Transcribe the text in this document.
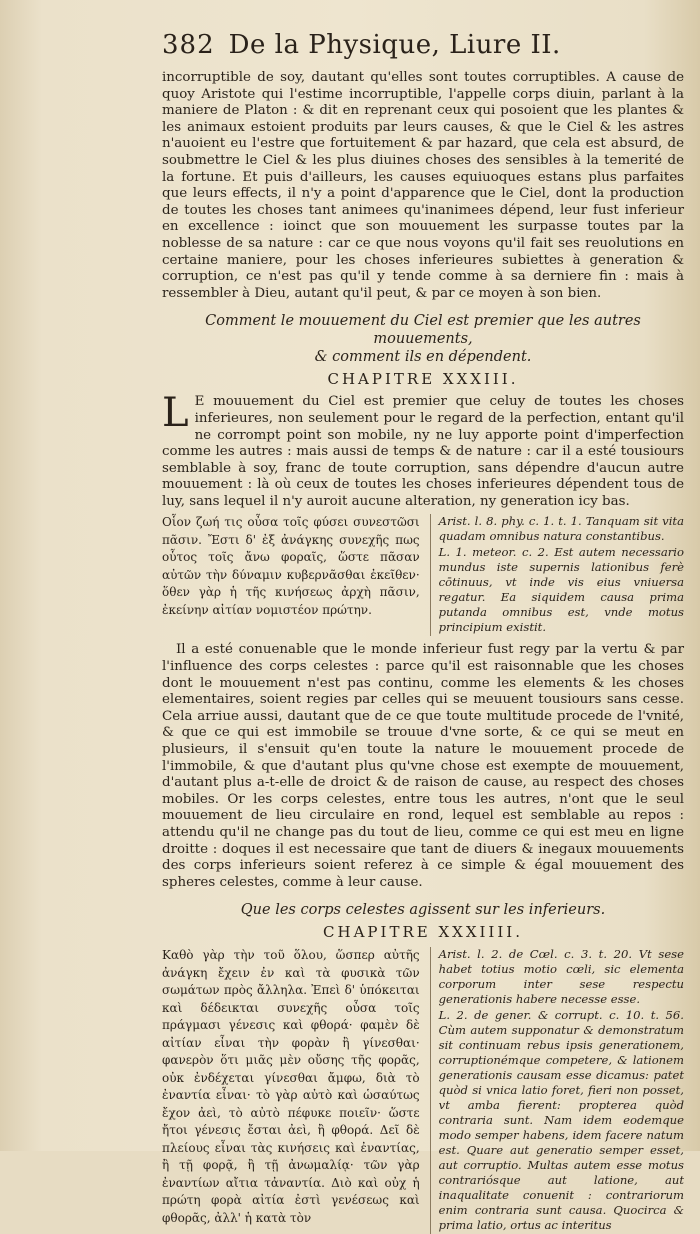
382 De la Physique, Liure II.

incorruptible de soy, dautant qu'elles sont toutes corruptibles. A cause de quoy Aristote qui l'estime incorruptible, l'appelle corps diuin, parlant à la maniere de Platon : & dit en reprenant ceux qui posoient que les plantes & les animaux estoient produits par leurs causes, & que le Ciel & les astres n'auoient eu l'estre que fortuitement & par hazard, que cela est absurd, de soubmettre le Ciel & les plus diuines choses des sensibles à la temerité de la fortune. Et puis d'ailleurs, les causes equiuoques estans plus parfaites que leurs effects, il n'y a point d'apparence que le Ciel, dont la production de toutes les choses tant animees qu'inanimees dépend, leur fust inferieur en excellence : ioinct que son mouuement les surpasse toutes par la noblesse de sa nature : car ce que nous voyons qu'il fait ses reuolutions en certaine maniere, pour les choses inferieures subiettes à generation & corruption, ce n'est pas qu'il y tende comme à sa derniere fin : mais à ressembler à Dieu, autant qu'il peut, & par ce moyen à son bien.

Comment le mouuement du Ciel est premier que les autres mouuements,
& comment ils en dépendent.
CHAPITRE XXXIII.
L E mouuement du Ciel est premier que celuy de toutes les choses inferieures, non seulement pour le regard de la perfection, entant qu'il ne corrompt point son mobile, ny ne luy apporte point d'imperfection comme les autres : mais aussi de temps & de nature : car il a esté tousiours semblable à soy, franc de toute corruption, sans dépendre d'aucun autre mouuement : là où ceux de toutes les choses inferieures dépendent tous de luy, sans lequel il n'y auroit aucune alteration, ny generation icy bas.

Οἷον ζωή τις οὖσα τοῖς φύσει συνεστῶσι πᾶσιν. Ἔστι δ' ἐξ ἀνάγκης συνεχῆς πως οὗτος τοῖς ἄνω φοραῖς, ὥστε πᾶσαν αὐτῶν τὴν δύναμιν κυβερνᾶσθαι ἐκεῖθεν· ὅθεν γὰρ ἡ τῆς κινήσεως ἀρχὴ πᾶσιν, ἐκείνην αἰτίαν νομιστέον πρώτην.

Arist. l. 8. phy. c. 1. t. 1. Tanquam sit vita quadam omnibus natura constantibus.

L. 1. meteor. c. 2. Est autem necessario mundus iste supernis lationibus ferè cōtinuus, vt inde vis eius vniuersa regatur. Ea siquidem causa prima putanda omnibus est, vnde motus principium existit.

Il a esté conuenable que le monde inferieur fust regy par la vertu & par l'influence des corps celestes : parce qu'il est raisonnable que les choses dont le mouuement n'est pas continu, comme les elements & les choses elementaires, soient regies par celles qui se meuuent tousiours sans cesse. Cela arriue aussi, dautant que de ce que toute multitude procede de l'vnité, & que ce qui est immobile se trouue d'vne sorte, & ce qui se meut en plusieurs, il s'ensuit qu'en toute la nature le mouuement procede de l'immobile, & que d'autant plus qu'vne chose est exempte de mouuement, d'autant plus a-t-elle de droict & de raison de cause, au respect des choses mobiles. Or les corps celestes, entre tous les autres, n'ont que le seul mouuement de lieu circulaire en rond, lequel est semblable au repos : attendu qu'il ne change pas du tout de lieu, comme ce qui est meu en ligne droitte : doques il est necessaire que tant de diuers & inegaux mouuements des corps inferieurs soient referez à ce simple & égal mouuement des spheres celestes, comme à leur cause.

Que les corps celestes agissent sur les inferieurs.
CHAPITRE XXXIIII.
Καθὸ γὰρ τὴν τοῦ ὅλου, ὥσπερ αὐτῆς ἀνάγκη ἔχειν ἐν καὶ τὰ φυσικὰ τῶν σωμάτων πρὸς ἄλληλα. Ἐπεὶ δ' ὑπόκειται καὶ δέδεικται συνεχῆς οὖσα τοῖς πράγμασι γένεσις καὶ φθορά· φαμὲν δὲ αἰτίαν εἶναι τὴν φορὰν ἢ γίνεσθαι· φανερὸν ὅτι μιᾶς μὲν οὔσης τῆς φορᾶς, οὐκ ἐνδέχεται γίνεσθαι ἄμφω, διὰ τὸ ἐναντία εἶναι· τὸ γὰρ αὐτὸ καὶ ὡσαύτως ἔχον ἀεὶ, τὸ αὐτὸ πέφυκε ποιεῖν· ὥστε ἤτοι γένεσις ἔσται ἀεὶ, ἢ φθορά. Δεῖ δὲ πλείους εἶναι τὰς κινήσεις καὶ ἐναντίας, ἢ τῇ φορᾷ, ἢ τῇ ἀνωμαλίᾳ· τῶν γὰρ ἐναντίων αἴτια τἀναντία. Διὸ καὶ οὐχ ἡ πρώτη φορὰ αἰτία ἐστὶ γενέσεως καὶ φθορᾶς, ἀλλ' ἡ κατὰ τὸν

Arist. l. 2. de Cœl. c. 3. t. 20. Vt sese habet totius motio cœli, sic elementa corporum inter sese respectu generationis habere necesse esse.

L. 2. de gener. & corrupt. c. 10. t. 56. Cùm autem supponatur & demonstratum sit continuam rebus ipsis generationem, corruptionémque competere, & lationem generationis causam esse dicamus: patet quòd si vnica latio foret, fieri non posset, vt amba fierent: propterea quòd contraria sunt. Nam idem eodemque modo semper habens, idem facere natum est. Quare aut generatio semper esset, aut corruptio. Multas autem esse motus contrariósque aut latione, aut inaqualitate conuenit : contrariorum enim contraria sunt causa. Quocirca & prima latio, ortus ac interitus
